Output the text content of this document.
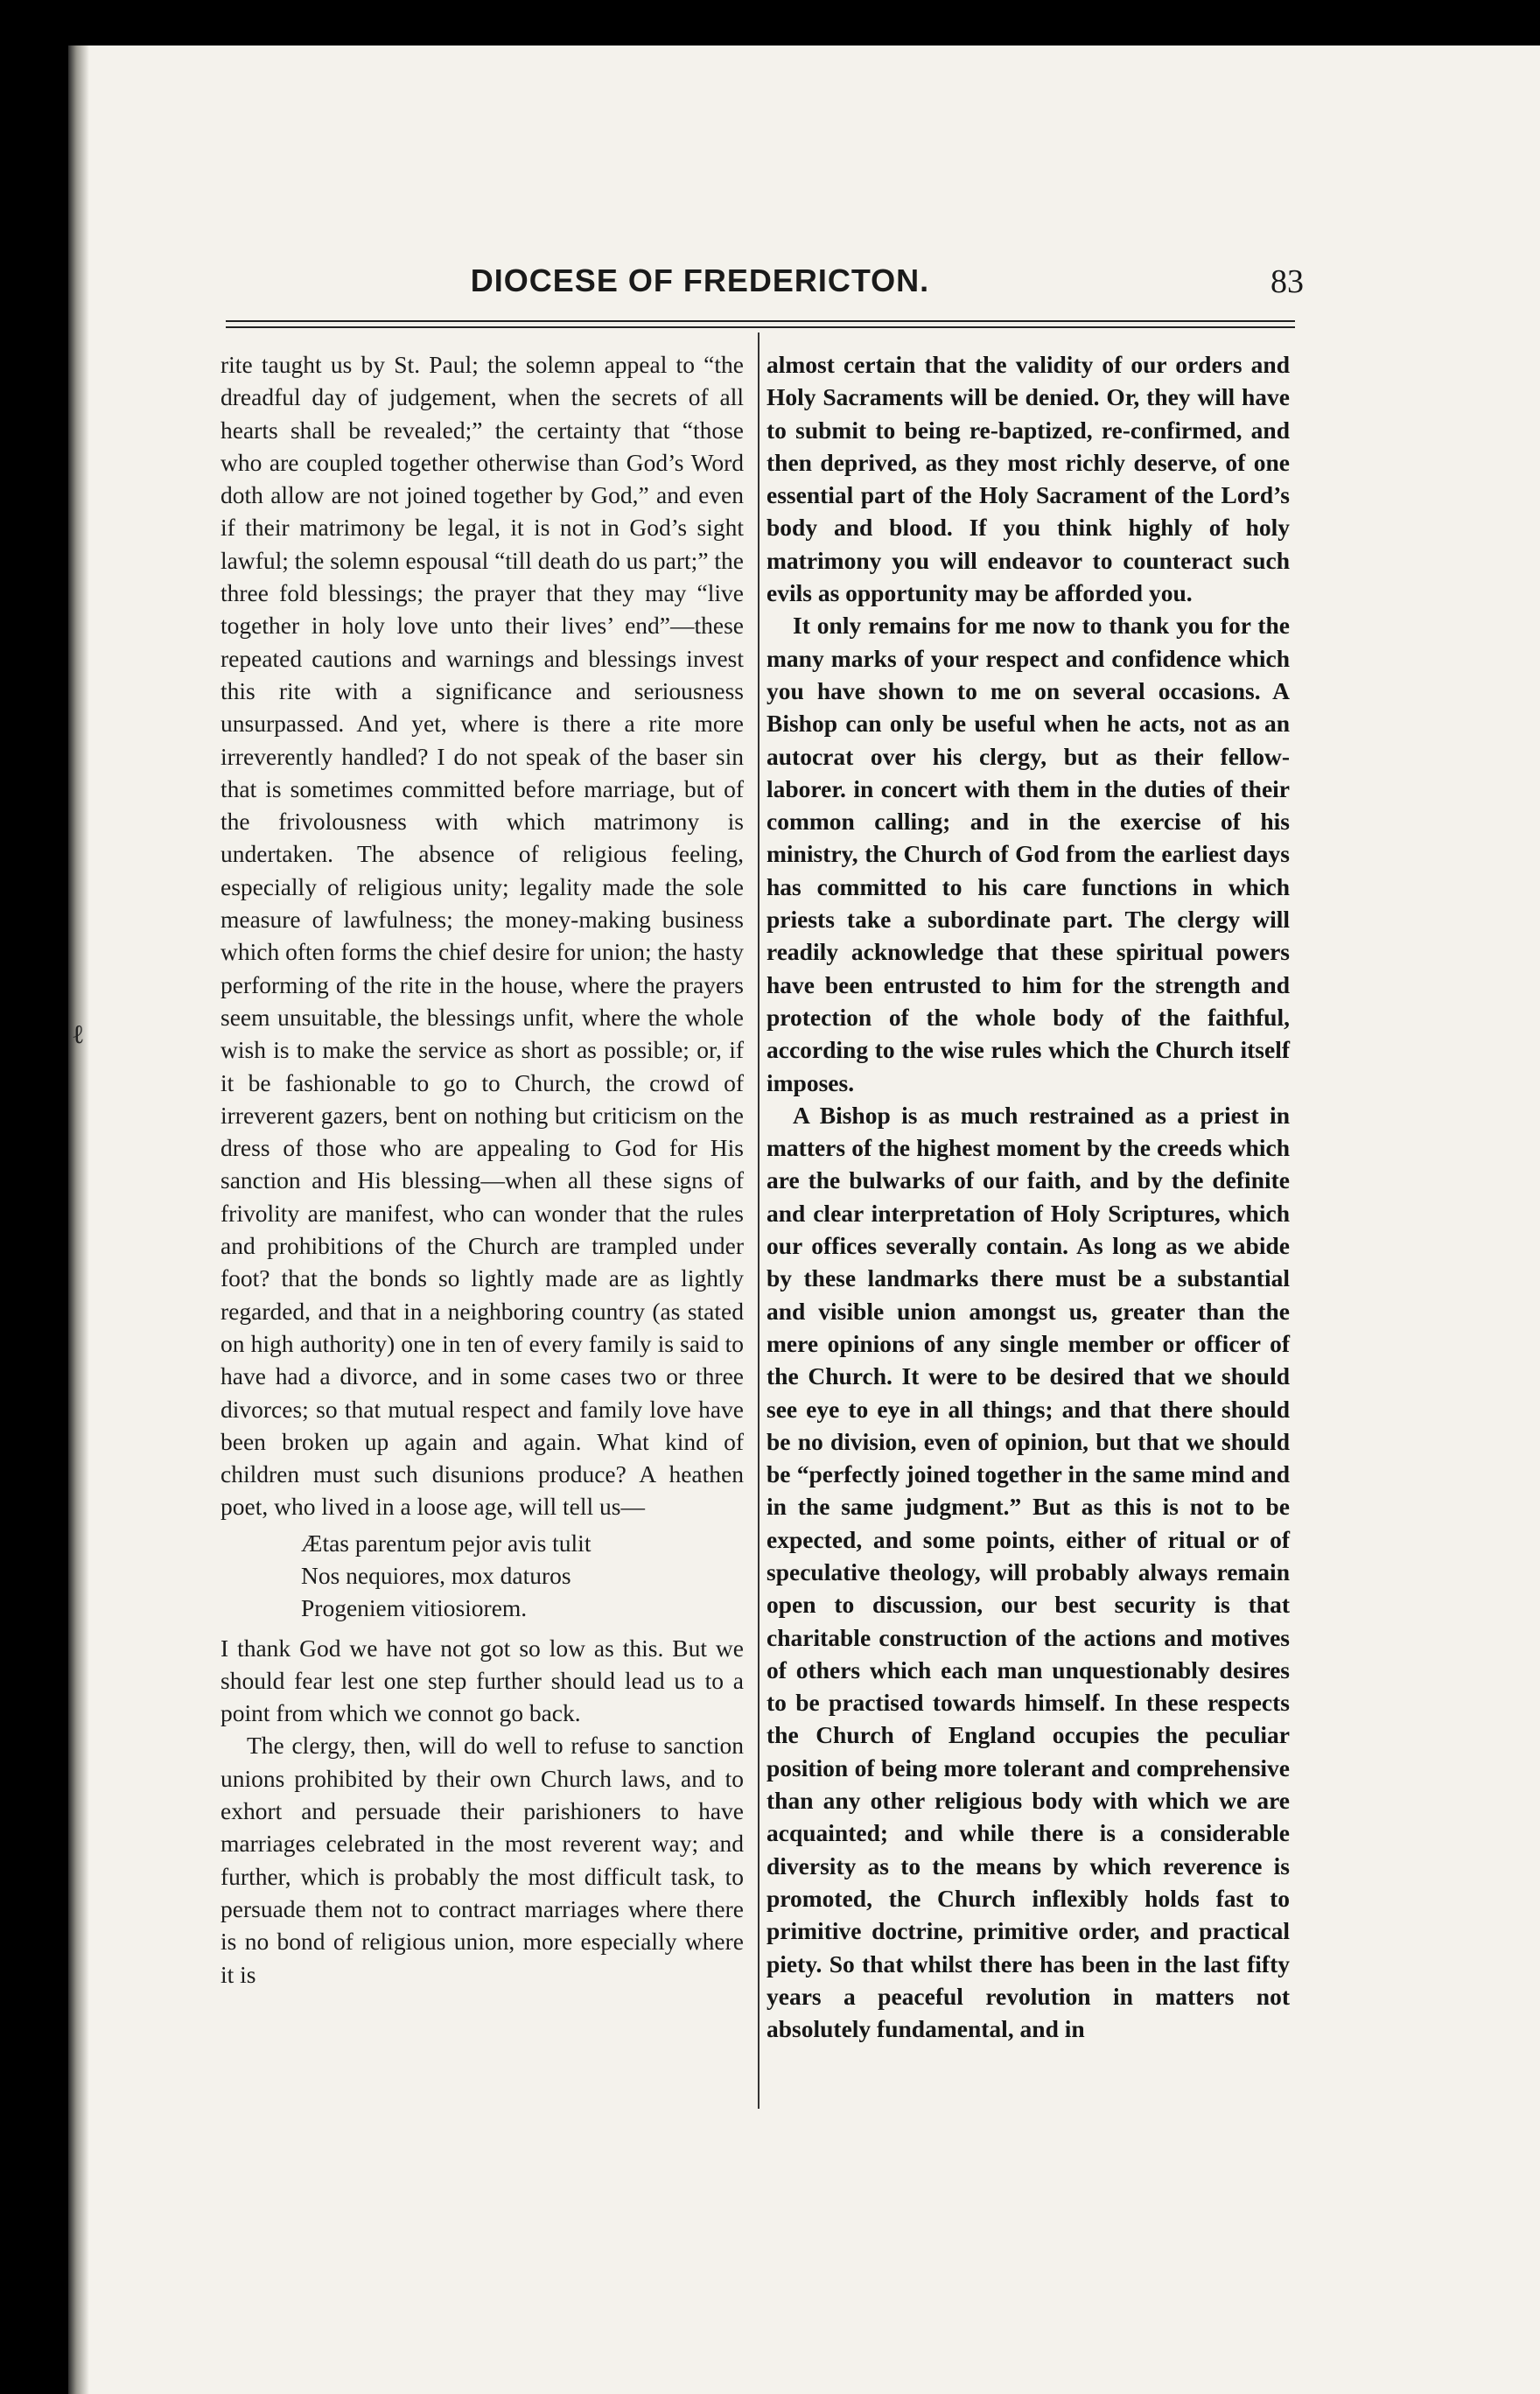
ℓ
DIOCESE OF FREDERICTON.	83

rite taught us by St. Paul; the solemn appeal to “the dreadful day of judgement, when the secrets of all hearts shall be revealed;” the certainty that “those who are coupled together otherwise than God’s Word doth allow are not joined together by God,” and even if their matrimony be legal, it is not in God’s sight lawful; the solemn espousal “till death do us part;” the three fold blessings; the prayer that they may “live together in holy love unto their lives’ end”—these repeated cautions and warnings and blessings invest this rite with a significance and seriousness unsurpassed. And yet, where is there a rite more irreverently handled? I do not speak of the baser sin that is sometimes committed before marriage, but of the frivolousness with which matrimony is undertaken. The absence of religious feeling, especially of religious unity; legality made the sole measure of lawfulness; the money-making business which often forms the chief desire for union; the hasty performing of the rite in the house, where the prayers seem unsuitable, the blessings unfit, where the whole wish is to make the service as short as possible; or, if it be fashionable to go to Church, the crowd of irreverent gazers, bent on nothing but criticism on the dress of those who are appealing to God for His sanction and His blessing—when all these signs of frivolity are manifest, who can wonder that the rules and prohibitions of the Church are trampled under foot? that the bonds so lightly made are as lightly regarded, and that in a neighboring country (as stated on high authority) one in ten of every family is said to have had a divorce, and in some cases two or three divorces; so that mutual respect and family love have been broken up again and again. What kind of children must such disunions produce? A heathen poet, who lived in a loose age, will tell us—

Ætas parentum pejor avis tulit
Nos nequiores, mox daturos
Progeniem vitiosiorem.

I thank God we have not got so low as this. But we should fear lest one step further should lead us to a point from which we connot go back.

The clergy, then, will do well to refuse to sanction unions prohibited by their own Church laws, and to exhort and persuade their parishioners to have marriages celebrated in the most reverent way; and further, which is probably the most difficult task, to persuade them not to contract marriages where there is no bond of religious union, more especially where it is

almost certain that the validity of our orders and Holy Sacraments will be denied. Or, they will have to submit to being re-baptized, re-confirmed, and then deprived, as they most richly deserve, of one essential part of the Holy Sacrament of the Lord’s body and blood. If you think highly of holy matrimony you will endeavor to counteract such evils as opportunity may be afforded you.

It only remains for me now to thank you for the many marks of your respect and confidence which you have shown to me on several occasions. A Bishop can only be useful when he acts, not as an autocrat over his clergy, but as their fellow-laborer. in concert with them in the duties of their common calling; and in the exercise of his ministry, the Church of God from the earliest days has committed to his care functions in which priests take a subordinate part. The clergy will readily acknowledge that these spiritual powers have been entrusted to him for the strength and protection of the whole body of the faithful, according to the wise rules which the Church itself imposes.

A Bishop is as much restrained as a priest in matters of the highest moment by the creeds which are the bulwarks of our faith, and by the definite and clear interpretation of Holy Scriptures, which our offices severally contain. As long as we abide by these landmarks there must be a substantial and visible union amongst us, greater than the mere opinions of any single member or officer of the Church. It were to be desired that we should see eye to eye in all things; and that there should be no division, even of opinion, but that we should be “perfectly joined together in the same mind and in the same judgment.” But as this is not to be expected, and some points, either of ritual or of speculative theology, will probably always remain open to discussion, our best security is that charitable construction of the actions and motives of others which each man unquestionably desires to be practised towards himself. In these respects the Church of England occupies the peculiar position of being more tolerant and comprehensive than any other religious body with which we are acquainted; and while there is a considerable diversity as to the means by which reverence is promoted, the Church inflexibly holds fast to primitive doctrine, primitive order, and practical piety. So that whilst there has been in the last fifty years a peaceful revolution in matters not absolutely fundamental, and in
